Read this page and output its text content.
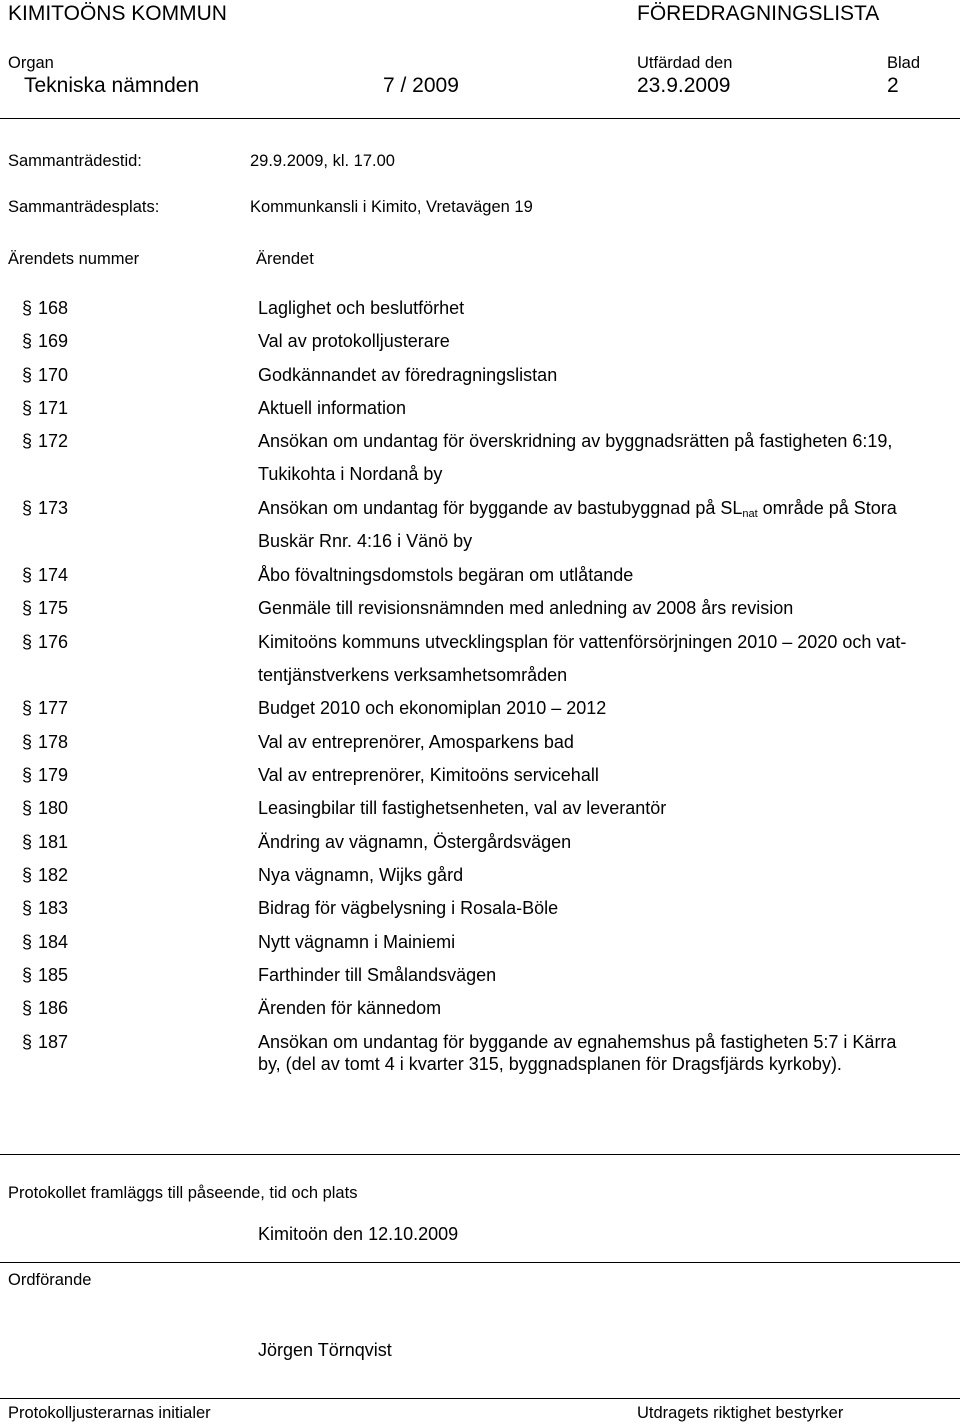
KIMITOÖNS KOMMUN	FÖREDRAGNINGSLISTA
Organ	Utfärdad den	Blad
Tekniska nämnden	7 / 2009	23.9.2009	2
Sammanträdestid:	29.9.2009, kl. 17.00
Sammanträdesplats:	Kommunkansli i Kimito, Vretavägen 19
Ärendets nummer	Ärendet
§ 168	Laglighet och beslutförhet
§ 169	Val av protokolljusterare
§ 170	Godkännandet av föredragningslistan
§ 171	Aktuell information
§ 172	Ansökan om undantag för överskridning av byggnadsrätten på fastigheten 6:19,
Tukikohta i Nordanå by
§ 173	Ansökan om undantag för byggande av bastubyggnad på $SL_{nat}$ område på Stora
Buskär Rnr. 4:16 i Vänö by
§ 174	Åbo fövaltningsdomstols begäran om utlåtande
§ 175	Genmäle till revisionsnämnden med anledning av 2008 års revision
§ 176	Kimitoöns kommuns utvecklingsplan för vattenförsörjningen 2010 – 2020 och vat-
tentjänstverkens verksamhetsområden
§ 177	Budget 2010 och ekonomiplan 2010 – 2012
§ 178	Val av entreprenörer, Amosparkens bad
§ 179	Val av entreprenörer, Kimitoöns servicehall
§ 180	Leasingbilar till fastighetsenheten, val av leverantör
§ 181	Ändring av vägnamn, Östergårdsvägen
§ 182	Nya vägnamn, Wijks gård
§ 183	Bidrag för vägbelysning i Rosala-Böle
§ 184	Nytt vägnamn i Mainiemi
§ 185	Farthinder till Smålandsvägen
§ 186	Ärenden för kännedom
§ 187	Ansökan om undantag för byggande av egnahemshus på fastigheten 5:7 i Kärra
by, (del av tomt 4 i kvarter 315, byggnadsplanen för Dragsfjärds kyrkoby).
Protokollet framläggs till påseende, tid och plats
Kimitoön den 12.10.2009
Ordförande
Jörgen Törnqvist
Protokolljusterarnas initialer	Utdragets riktighet bestyrker
